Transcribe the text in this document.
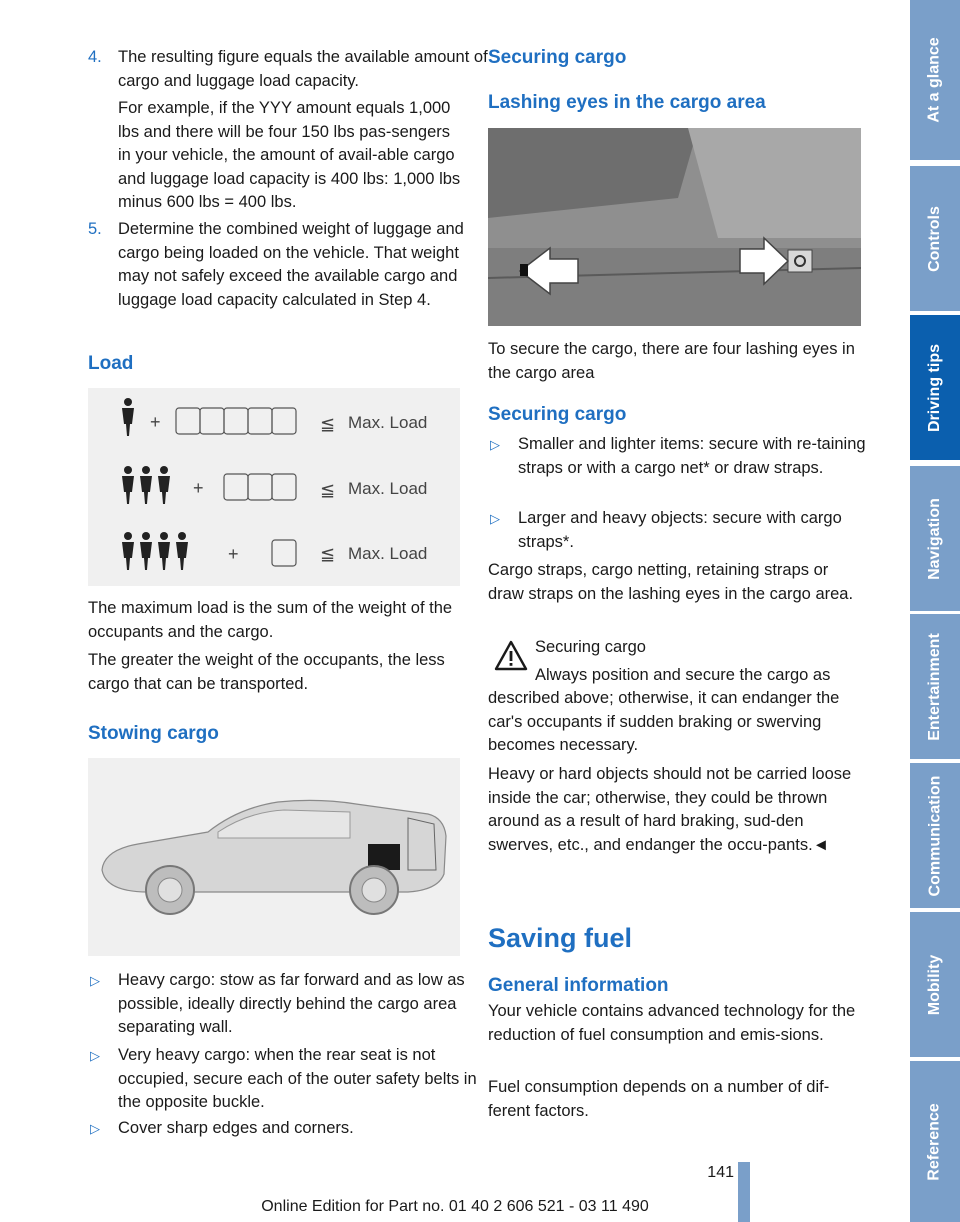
4. The resulting figure equals the available amount of cargo and luggage load capacity.

For example, if the YYY amount equals 1,000 lbs and there will be four 150 lbs pas-sengers in your vehicle, the amount of avail-able cargo and luggage load capacity is 400 lbs: 1,000 lbs minus 600 lbs = 400 lbs.

5. Determine the combined weight of luggage and cargo being loaded on the vehicle. That weight may not safely exceed the available cargo and luggage load capacity calculated in Step 4.
Load
+
+
+
≦
≦
≦
Max. Load
Max. Load
Max. Load

The maximum load is the sum of the weight of the occupants and the cargo.

The greater the weight of the occupants, the less cargo that can be transported.

Stowing cargo
▷ Heavy cargo: stow as far forward and as low as possible, ideally directly behind the cargo area separating wall.
▷ Very heavy cargo: when the rear seat is not occupied, secure each of the outer safety belts in the opposite buckle.
▷ Cover sharp edges and corners.
Securing cargo
Lashing eyes in the cargo area

To secure the cargo, there are four lashing eyes in the cargo area

Securing cargo
▷ Smaller and lighter items: secure with re-taining straps or with a cargo net* or draw straps.
▷ Larger and heavy objects: secure with cargo straps*.

Cargo straps, cargo netting, retaining straps or draw straps on the lashing eyes in the cargo area.

Securing cargo

Always position and secure the cargo as

described above; otherwise, it can endanger the car's occupants if sudden braking or swerving becomes necessary.

Heavy or hard objects should not be carried loose inside the car; otherwise, they could be thrown around as a result of hard braking, sud-den swerves, etc., and endanger the occu-pants.◄

Saving fuel
General information

Your vehicle contains advanced technology for the reduction of fuel consumption and emis-sions.

Fuel consumption depends on a number of dif-ferent factors.

At a glance
Controls
Driving tips
Navigation
Entertainment
Communication
Mobility
Reference
141
Online Edition for Part no. 01 40 2 606 521 - 03 11 490
